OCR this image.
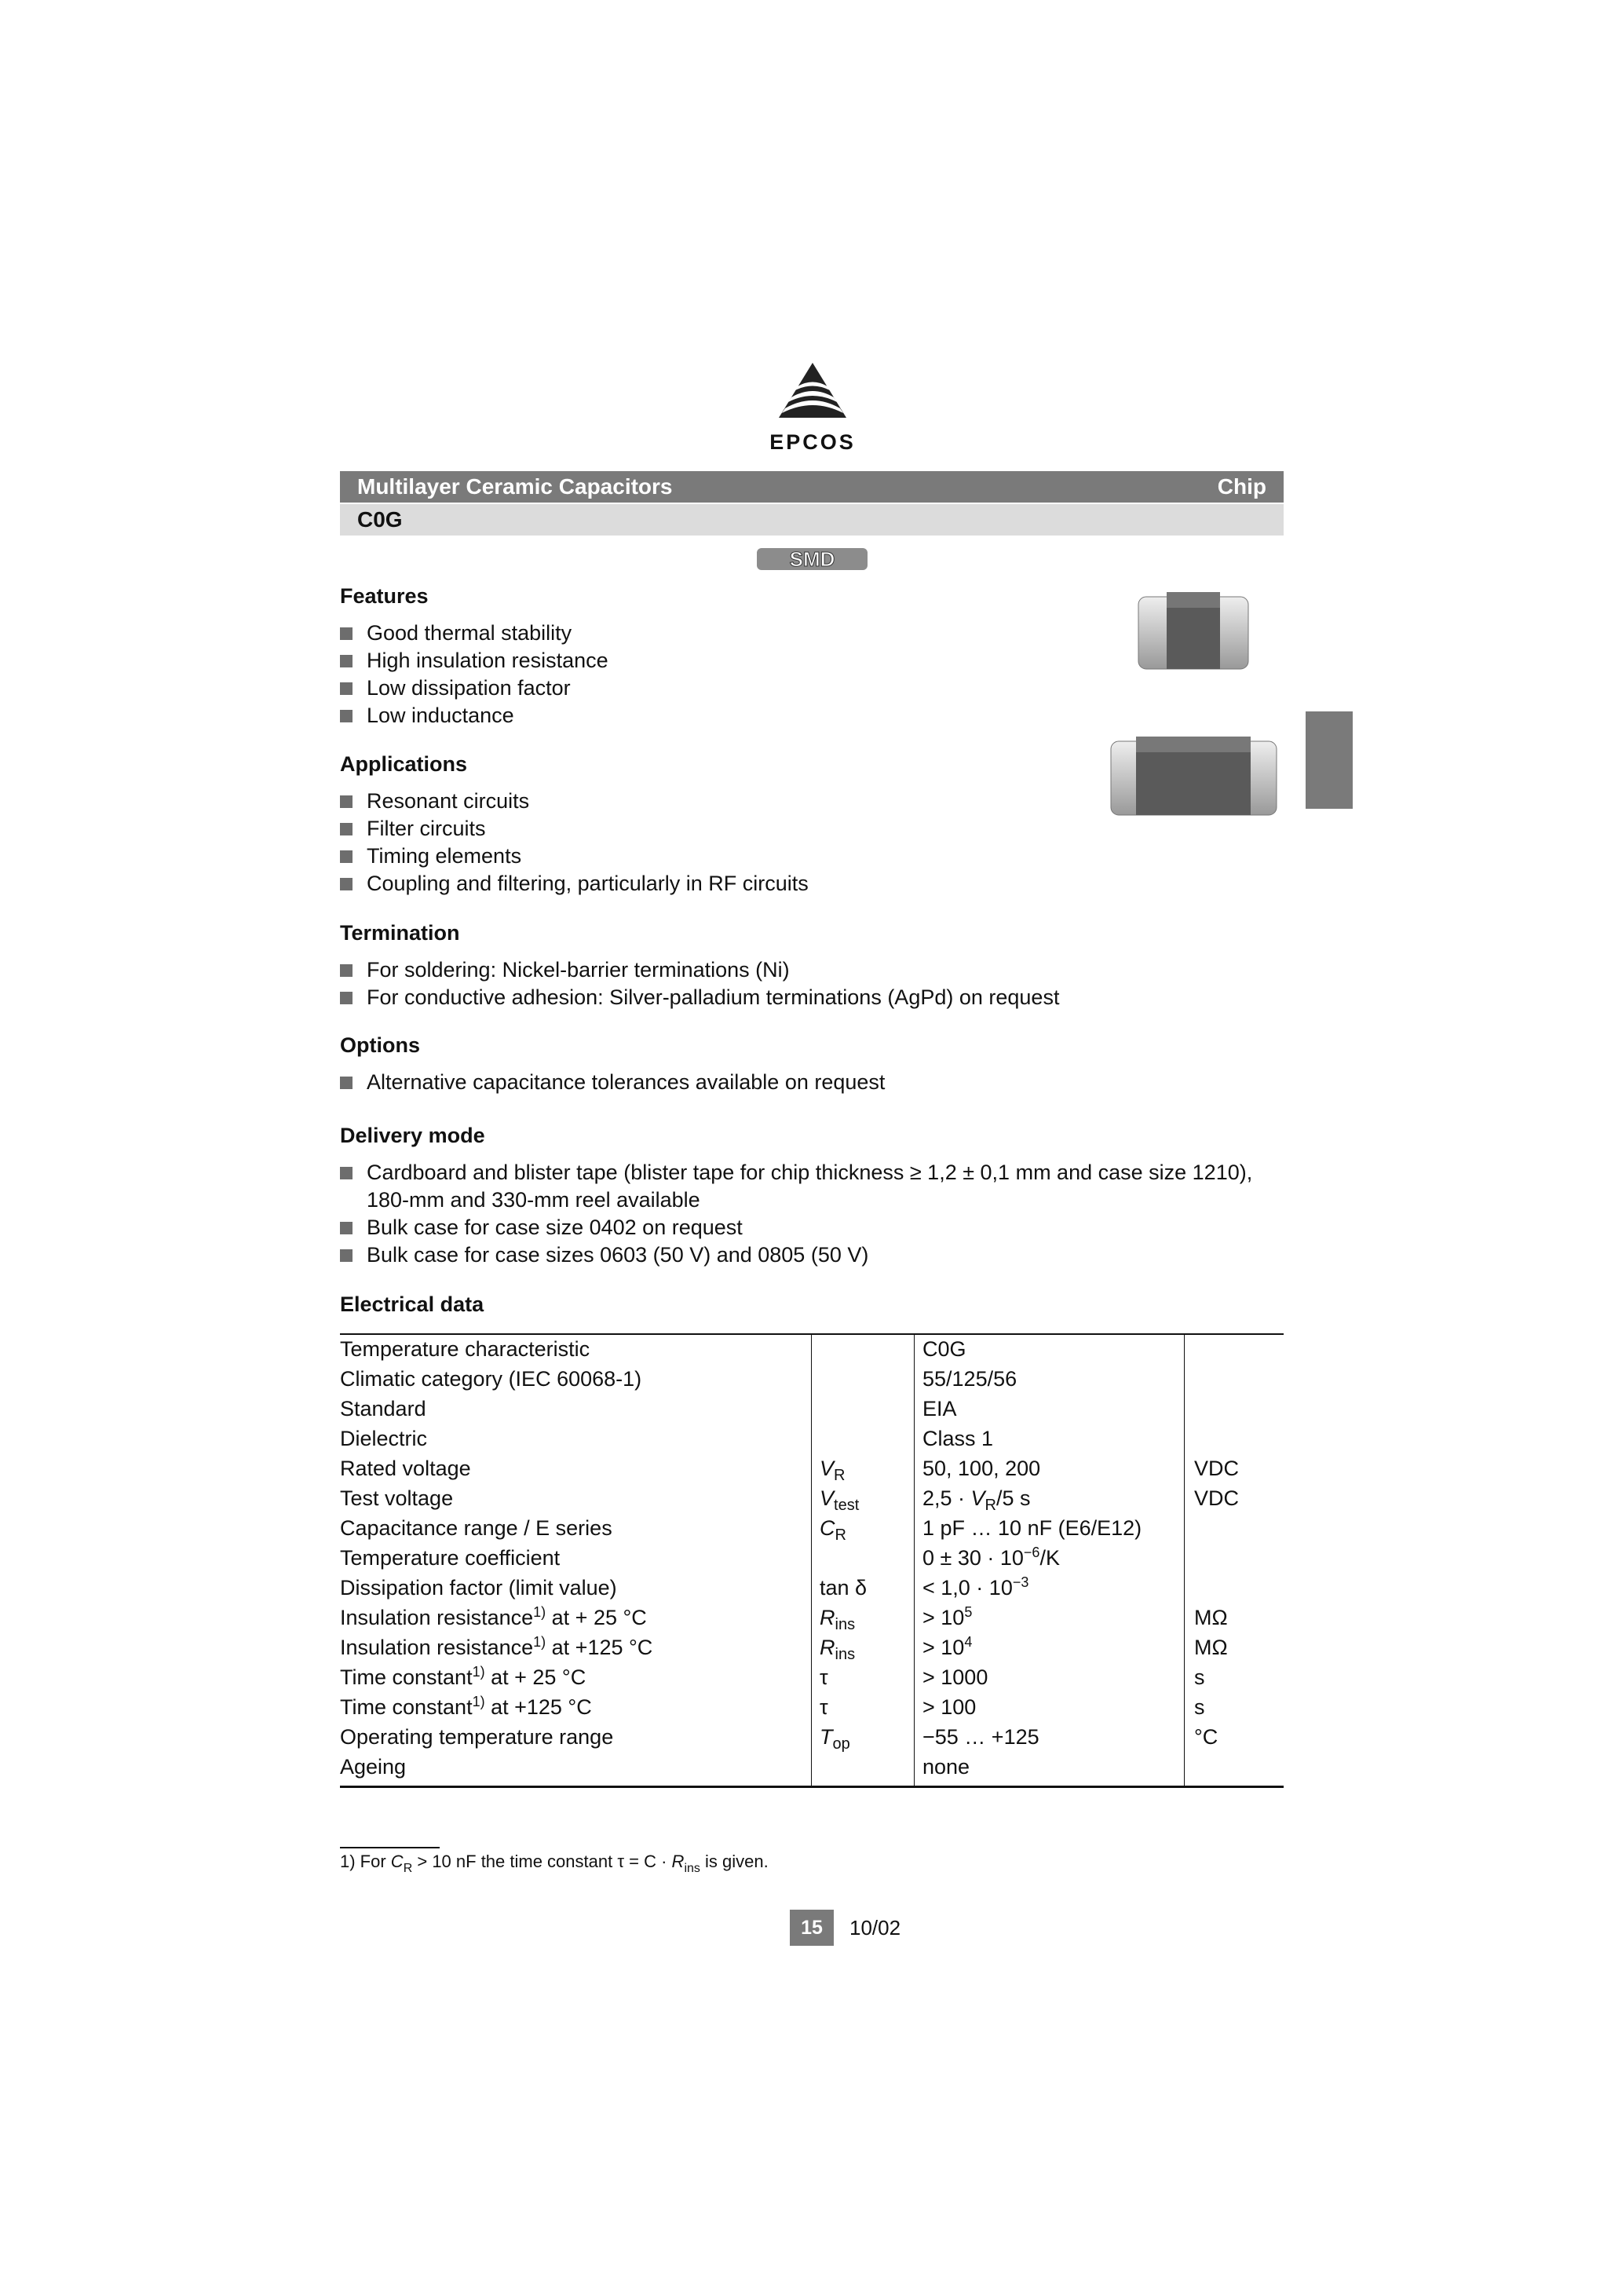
EPCOS
Multilayer Ceramic Capacitors	Chip
C0G
SMD
Features
Good thermal stability
High insulation resistance
Low dissipation factor
Low inductance
Applications
Resonant circuits
Filter circuits
Timing elements
Coupling and filtering, particularly in RF circuits
Termination
For soldering: Nickel-barrier terminations (Ni)
For conductive adhesion: Silver-palladium terminations (AgPd) on request
Options
Alternative capacitance tolerances available on request
Delivery mode
Cardboard and blister tape (blister tape for chip thickness ≥ 1,2 ± 0,1 mm and case size 1210), 180-mm and 330-mm reel available
Bulk case for case size 0402 on request
Bulk case for case sizes 0603 (50 V) and 0805 (50 V)
Electrical data
Temperature characteristic		C0G	
Climatic category (IEC 60068-1)		55/125/56	
Standard		EIA	
Dielectric		Class 1	
Rated voltage	$V_R$	50, 100, 200	VDC
Test voltage	$V_{test}$	$2,5 \cdot V_R/5$ s	VDC
Capacitance range / E series	$C_R$	1 pF … 10 nF (E6/E12)	
Temperature coefficient		$0 \pm 30 \cdot 10^{-6}/K$	
Dissipation factor (limit value)	tan δ	< $1,0 \cdot 10^{-3}$	
Insulation resistance$^{1)}$ at + 25 °C	$R_{ins}$	> $10^5$	MΩ
Insulation resistance$^{1)}$ at +125 °C	$R_{ins}$	> $10^4$	MΩ
Time constant$^{1)}$ at + 25 °C	τ	> 1000	s
Time constant$^{1)}$ at +125 °C	τ	> 100	s
Operating temperature range	$T_{op}$	−55 … +125	°C
Ageing		none	
1) For $C_R > 10$ nF the time constant $\tau = C \cdot R_{ins}$ is given.
15	10/02
